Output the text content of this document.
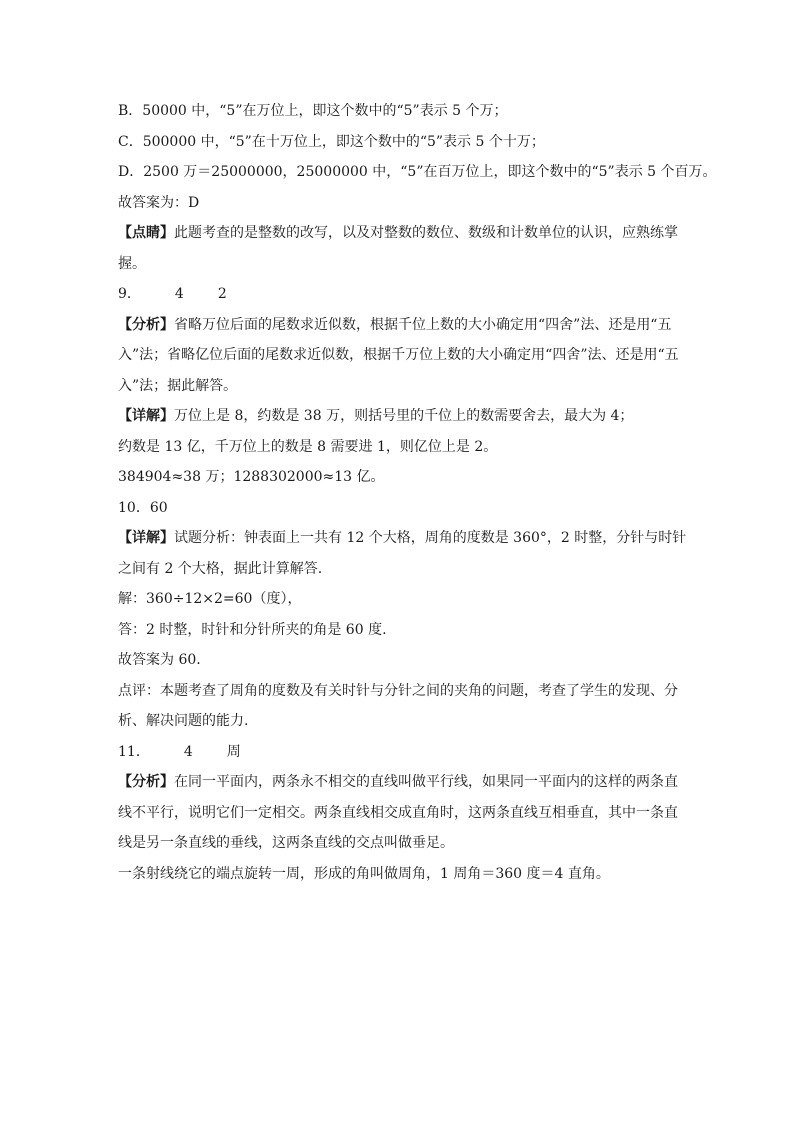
B．50000 中，“5”在万位上，即这个数中的“5”表示 5 个万；
C．500000 中，“5”在十万位上，即这个数中的“5”表示 5 个十万；
D．2500 万＝25000000，25000000 中，“5”在百万位上，即这个数中的“5”表示 5 个百万。
故答案为：D
【点睛】此题考查的是整数的改写，以及对整数的数位、数级和计数单位的认识，应熟练掌
握。
9． 4 2
【分析】省略万位后面的尾数求近似数，根据千位上数的大小确定用“四舍”法、还是用“五
入”法；省略亿位后面的尾数求近似数，根据千万位上数的大小确定用“四舍”法、还是用“五
入”法；据此解答。
【详解】万位上是 8，约数是 38 万，则括号里的千位上的数需要舍去，最大为 4；
约数是 13 亿，千万位上的数是 8 需要进 1，则亿位上是 2。
384904≈38 万；1288302000≈13 亿。
10．60
【详解】试题分析：钟表面上一共有 12 个大格，周角的度数是 360°，2 时整，分针与时针
之间有 2 个大格，据此计算解答.
解：360÷12×2=60（度），
答：2 时整，时针和分针所夹的角是 60 度.
故答案为 60.
点评：本题考查了周角的度数及有关时针与分针之间的夹角的问题，考查了学生的发现、分
析、解决问题的能力.
11． 4 周
【分析】在同一平面内，两条永不相交的直线叫做平行线，如果同一平面内的这样的两条直
线不平行，说明它们一定相交。两条直线相交成直角时，这两条直线互相垂直，其中一条直
线是另一条直线的垂线，这两条直线的交点叫做垂足。
一条射线绕它的端点旋转一周，形成的角叫做周角，1 周角＝360 度＝4 直角。
